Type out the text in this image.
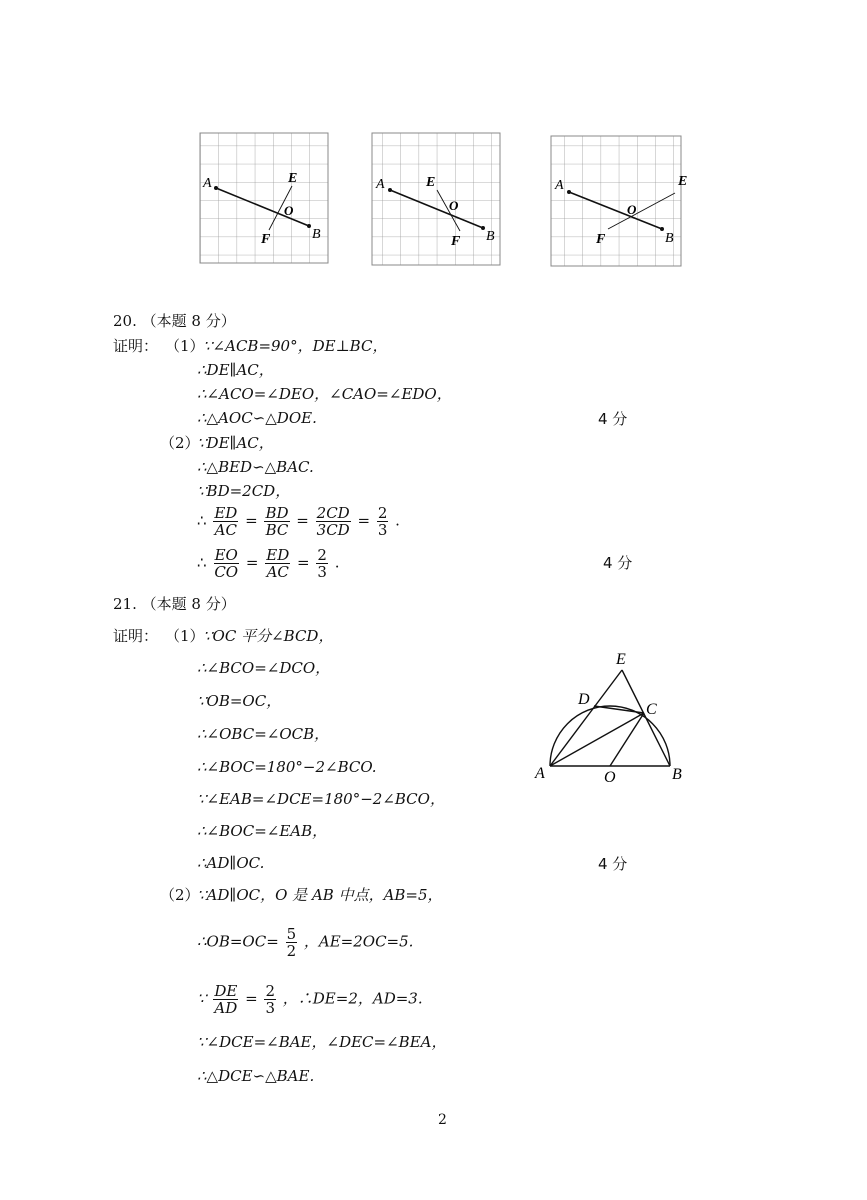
A	E
O
F	B
A	E
O
F B
A	E
O
F	B
20. （本题 8 分）
证明： （1）
∵∠ACB=90°，DE⊥BC，
∴DE∥AC，
∴∠ACO=∠DEO，∠CAO=∠EDO，
∴△AOC∽△DOE.	4 分
（2）
∵DE∥AC，
∴△BED∽△BAC.
∵BD=2CD，
∴ $\frac{ED}{AC} = \frac{BD}{BC} = \frac{2CD}{3CD} = \frac{2}{3}$ .
∴ $\frac{EO}{CO} = \frac{ED}{AC} = \frac{2}{3}$ .	4 分
21. （本题 8 分）
证明： （1）
∵OC 平分∠BCD，
∴∠BCO=∠DCO，
∵OB=OC，
∴∠OBC=∠OCB，
∴∠BOC=180°−2∠BCO.
∵∠EAB=∠DCE=180°−2∠BCO，
∴∠BOC=∠EAB，
∴AD∥OC.	4 分
（2）
∵AD∥OC，O 是 AB 中点，AB=5，
∴OB=OC= $\frac{5}{2}$ ，AE=2OC=5.
∵ $\frac{DE}{AD} = \frac{2}{3}$ ，∴DE=2，AD=3.
∵∠DCE=∠BAE，∠DEC=∠BEA，
∴△DCE∽△BAE.
E
D
C
A	O	B
2
